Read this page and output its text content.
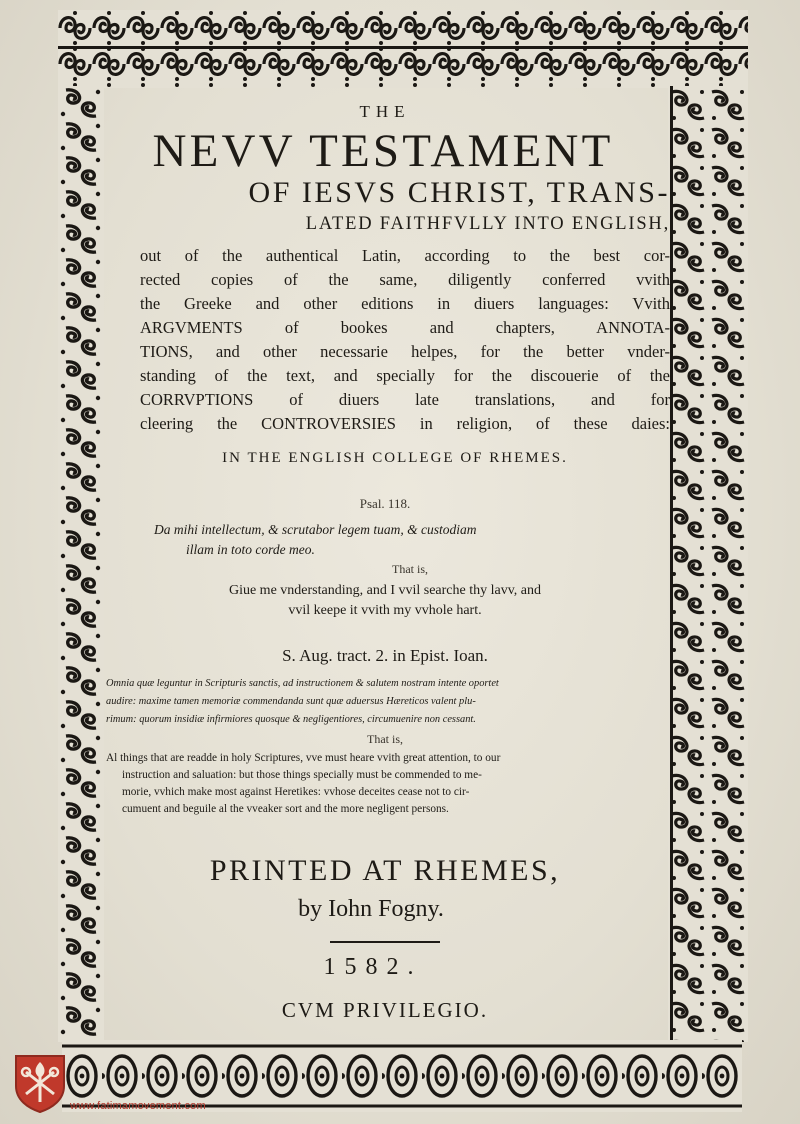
THE
NEVV TESTAMENT
OF IESVS CHRIST, TRANS-
LATED FAITHFVLLY INTO ENGLISH,
out of the authentical Latin, according to the best cor-
rected copies of the same, diligently conferred vvith
the Greeke and other editions in diuers languages: Vvith
ARGVMENTS of bookes and chapters, ANNOTA-
TIONS, and other necessarie helpes, for the better vnder-
standing of the text, and specially for the discouerie of the
CORRVPTIONS of diuers late translations, and for
cleering the CONTROVERSIES in religion, of these daies:
IN THE ENGLISH COLLEGE OF RHEMES.
Psal. 118.
Da mihi intellectum, & scrutabor legem tuam, & custodiam
illam in toto corde meo.
That is,
Giue me vnderstanding, and I vvil searche thy lavv, and
vvil keepe it vvith my vvhole hart.
S. Aug. tract. 2. in Epist. Ioan.
Omnia quæ leguntur in Scripturis sanctis, ad instructionem & salutem nostram intente oportet
audire: maxime tamen memoriæ commendanda sunt quæ aduersus Hæreticos valent plu-
rimum: quorum insidiæ infirmiores quosque & negligentiores, circumuenire non cessant.
That is,
Al things that are readde in holy Scriptures, vve must heare vvith great attention, to our
instruction and saluation: but those things specially must be commended to me-
morie, vvhich make most against Heretikes: vvhose deceites cease not to cir-
cumuent and beguile al the vveaker sort and the more negligent persons.
PRINTED AT RHEMES,
by Iohn Fogny.
1582.
CVM PRIVILEGIO.
www.fatimamovement.com
